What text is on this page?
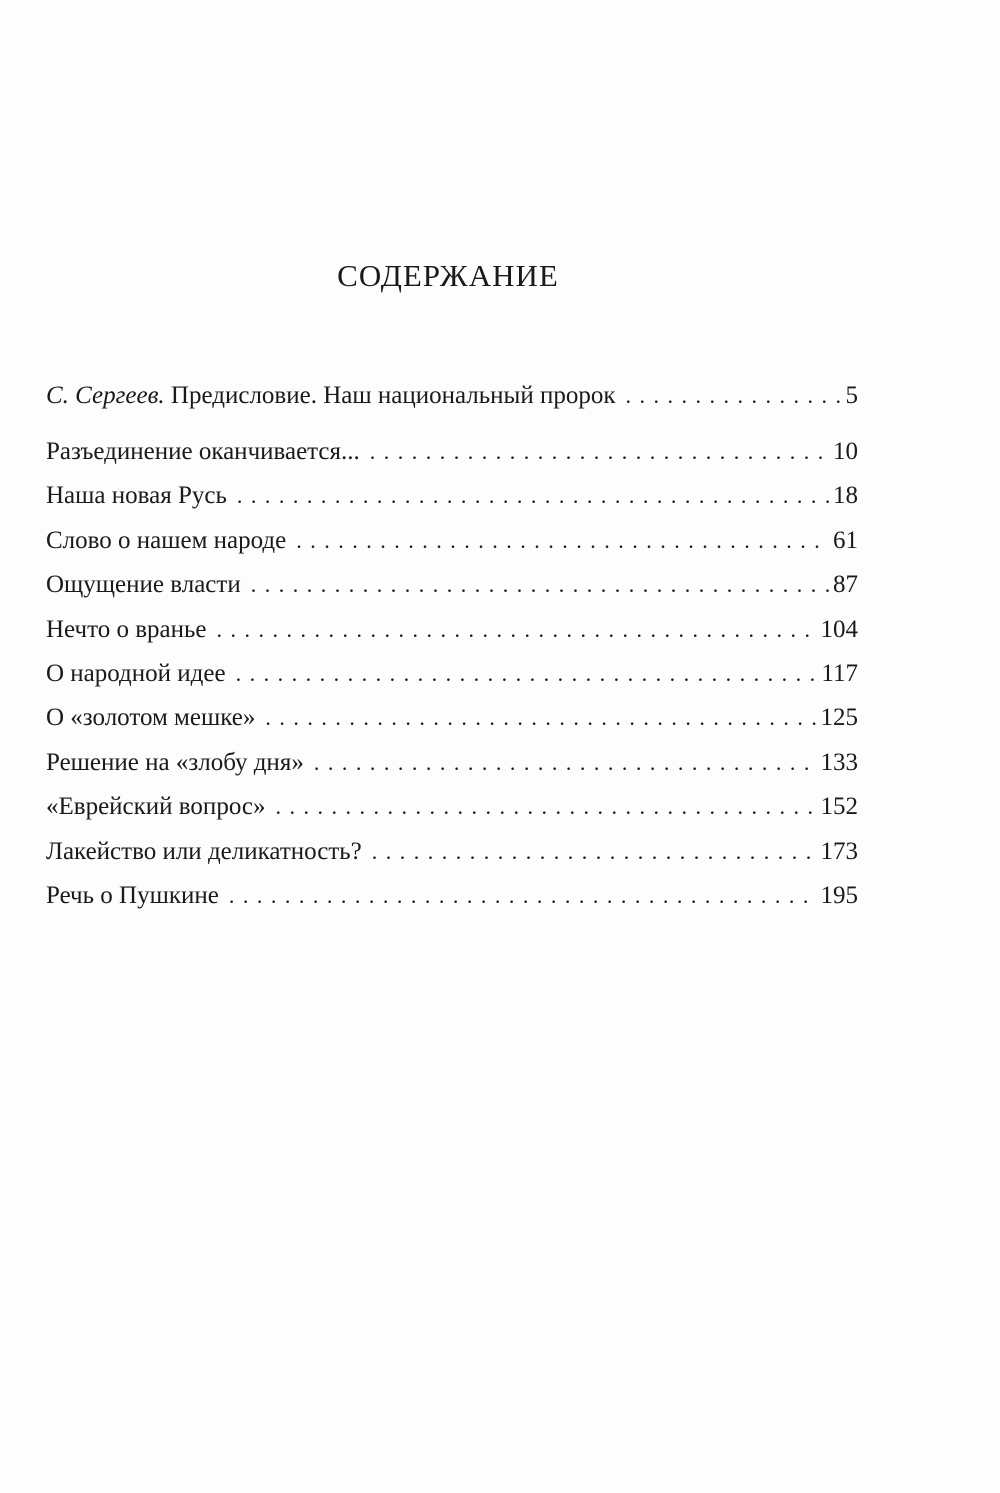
СОДЕРЖАНИЕ
С. Сергеев. Предисловие. Наш национальный пророк . . .	5
Разъединение оканчивается... . . .	10
Наша новая Русь . . .	18
Слово о нашем народе . . .	61
Ощущение власти . . .	87
Нечто о вранье . . .	104
О народной идее . . .	117
О «золотом мешке» . . .	125
Решение на «злобу дня» . . .	133
«Еврейский вопрос» . . .	152
Лакейство или деликатность? . . .	173
Речь о Пушкине . . .	195
